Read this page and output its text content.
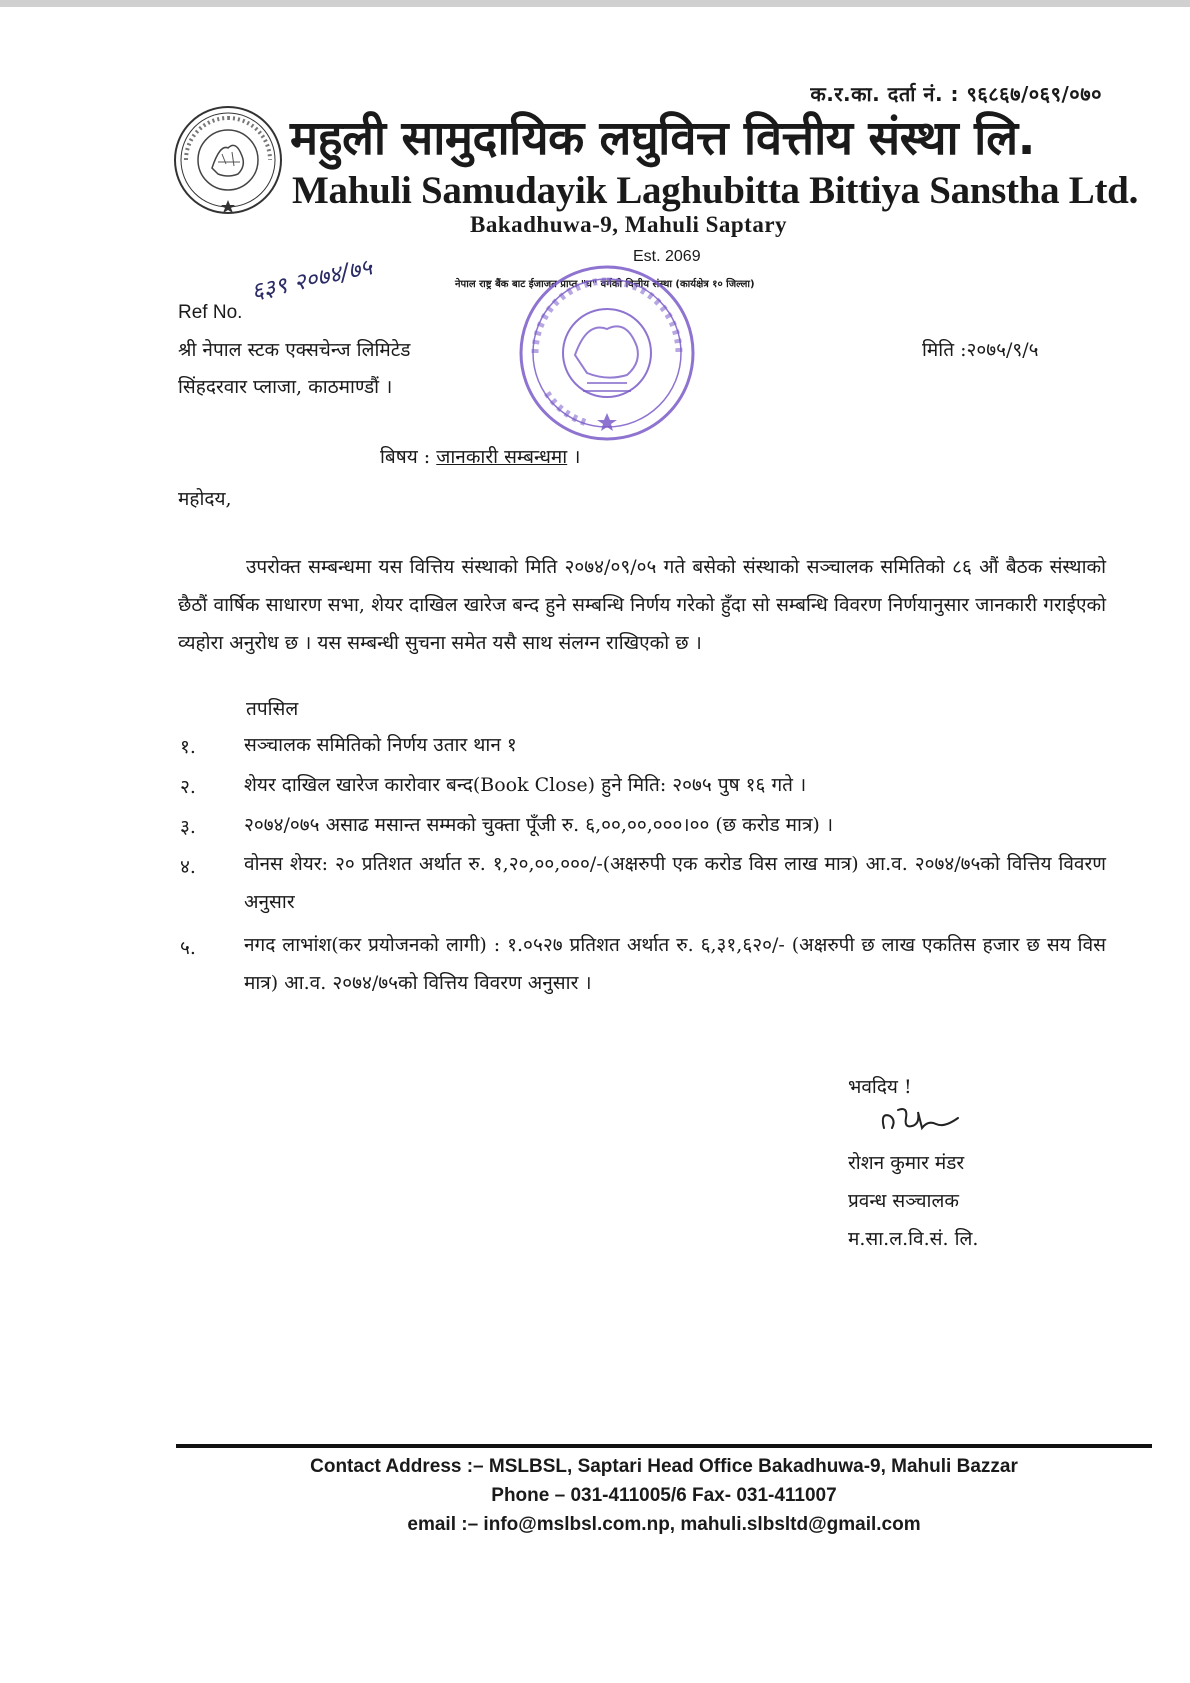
क.र.का. दर्ता नं. : ९६८६७/०६९/०७०
महुली सामुदायिक लघुवित्त वित्तीय संस्था लि.
Mahuli Samudayik Laghubitta Bittiya Sanstha Ltd.
Bakadhuwa-9, Mahuli Saptary
Est. 2069
नेपाल राष्ट्र बैंक बाट ईजाजत प्राप्त "घ" वर्गको वित्तीय संस्था (कार्यक्षेत्र १० जिल्ला)
६३९ २०७४/७५
Ref No.
श्री नेपाल स्टक एक्सचेन्ज लिमिटेड
सिंहदरवार प्लाजा, काठमाण्डौं ।
मिति :२०७५/९/५
बिषय : जानकारी सम्बन्धमा ।
महोदय,
उपरोक्त सम्बन्धमा यस वित्तिय संस्थाको मिति २०७४/०९/०५ गते बसेको संस्थाको सञ्चालक समितिको ८६ औं बैठक संस्थाको छैठौं वार्षिक साधारण सभा, शेयर दाखिल खारेज बन्द हुने सम्बन्धि निर्णय गरेको हुँदा सो सम्बन्धि विवरण निर्णयानुसार जानकारी गराईएको व्यहोरा अनुरोध छ । यस सम्बन्धी सुचना समेत यसै साथ संलग्न राखिएको छ ।
तपसिल
१.	सञ्चालक समितिको निर्णय उतार थान १
२.	शेयर दाखिल खारेज कारोवार बन्द(Book Close) हुने मिति: २०७५ पुष १६ गते ।
३.	२०७४/०७५ असाढ मसान्त सम्मको चुक्ता पूँजी रु. ६,००,००,०००।०० (छ करोड मात्र) ।
४.	वोनस शेयर: २० प्रतिशत अर्थात रु. १,२०,००,०००/-(अक्षरुपी एक करोड विस लाख मात्र) आ.व. २०७४/७५को वित्तिय विवरण अनुसार
५.	नगद लाभांश(कर प्रयोजनको लागी) : १.०५२७ प्रतिशत अर्थात रु. ६,३१,६२०/- (अक्षरुपी छ लाख एकतिस हजार छ सय विस मात्र) आ.व. २०७४/७५को वित्तिय विवरण अनुसार ।
भवदिय !
रोशन कुमार मंडर
प्रवन्ध सञ्चालक
म.सा.ल.वि.सं. लि.
Contact Address :– MSLBSL, Saptari Head Office Bakadhuwa-9, Mahuli Bazzar
Phone – 031-411005/6 Fax- 031-411007
email :– info@mslbsl.com.np, mahuli.slbsltd@gmail.com
